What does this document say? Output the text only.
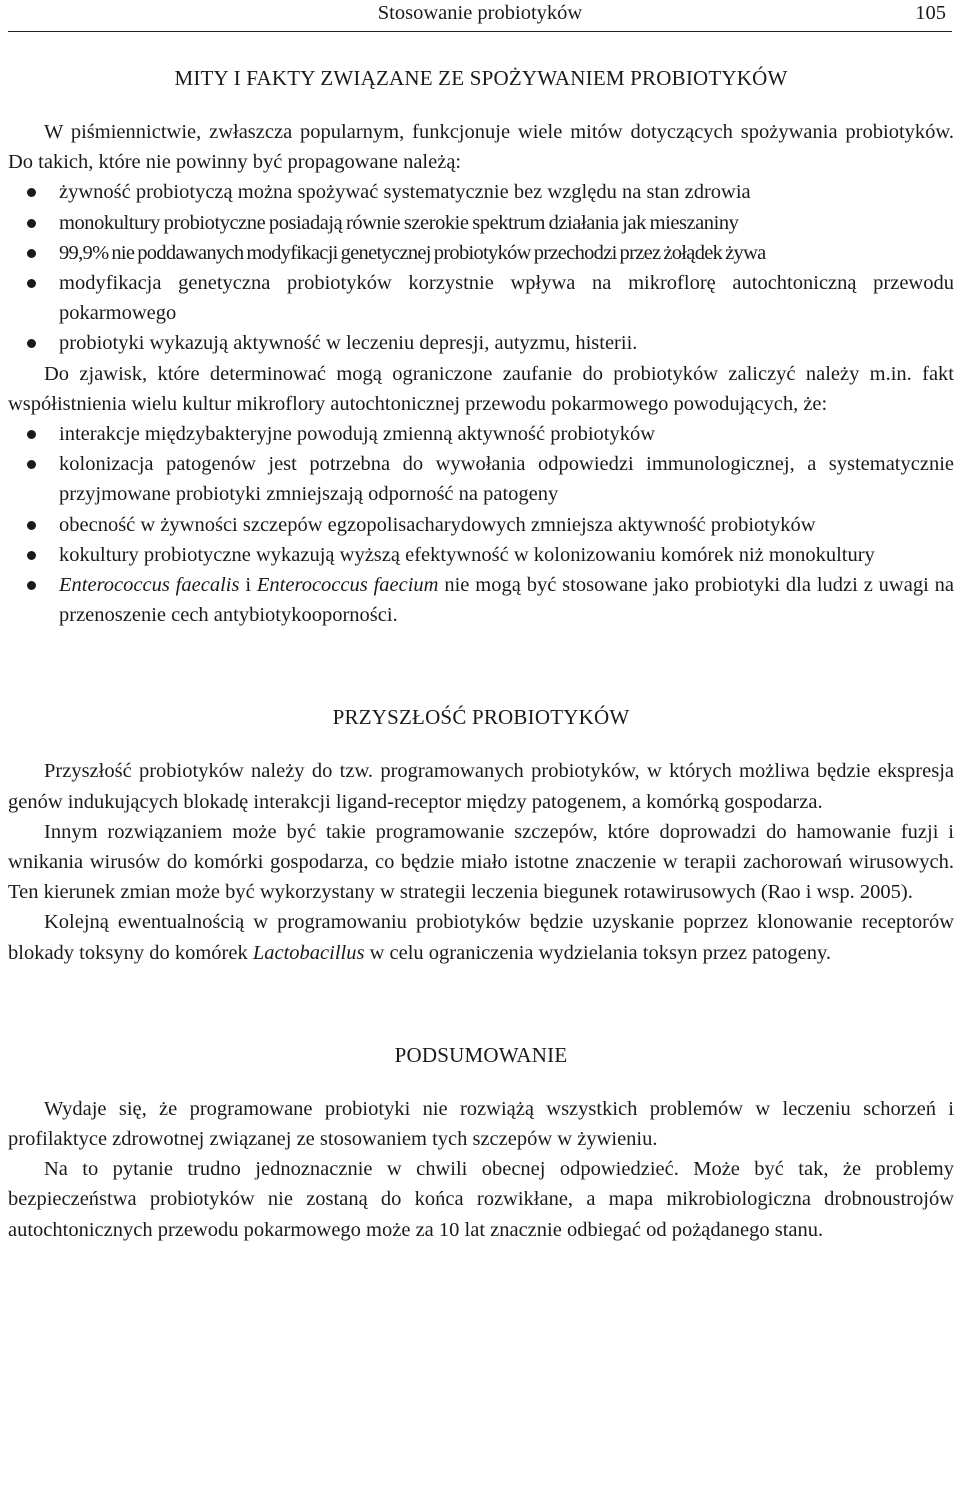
Stosowanie probiotyków	105
MITY I FAKTY ZWIĄZANE ZE SPOŻYWANIEM PROBIOTYKÓW

W piśmiennictwie, zwłaszcza popularnym, funkcjonuje wiele mitów dotyczących spożywania probiotyków. Do takich, które nie powinny być propagowane należą:

żywność probiotyczą można spożywać systematycznie bez względu na stan zdrowia
monokultury probiotyczne posiadają równie szerokie spektrum działania jak mieszaniny
99,9% nie poddawanych modyfikacji genetycznej probiotyków przechodzi przez żołądek żywa
modyfikacja genetyczna probiotyków korzystnie wpływa na mikroflorę autochtoniczną przewodu pokarmowego
probiotyki wykazują aktywność w leczeniu depresji, autyzmu, histerii.

Do zjawisk, które determinować mogą ograniczone zaufanie do probiotyków zaliczyć należy m.in. fakt współistnienia wielu kultur mikroflory autochtonicznej przewodu pokarmowego powodujących, że:

interakcje międzybakteryjne powodują zmienną aktywność probiotyków
kolonizacja patogenów jest potrzebna do wywołania odpowiedzi immunologicznej, a systematycznie przyjmowane probiotyki zmniejszają odporność na patogeny
obecność w żywności szczepów egzopolisacharydowych zmniejsza aktywność probiotyków
kokultury probiotyczne wykazują wyższą efektywność w kolonizowaniu komórek niż monokultury
Enterococcus faecalis i Enterococcus faecium nie mogą być stosowane jako probiotyki dla ludzi z uwagi na przenoszenie cech antybiotykooporności.
PRZYSZŁOŚĆ PROBIOTYKÓW

Przyszłość probiotyków należy do tzw. programowanych probiotyków, w których możliwa będzie ekspresja genów indukujących blokadę interakcji ligand-receptor między patogenem, a komórką gospodarza.

Innym rozwiązaniem może być takie programowanie szczepów, które doprowadzi do hamowanie fuzji i wnikania wirusów do komórki gospodarza, co będzie miało istotne znaczenie w terapii zachorowań wirusowych. Ten kierunek zmian może być wykorzystany w strategii leczenia biegunek rotawirusowych (Rao i wsp. 2005).

Kolejną ewentualnością w programowaniu probiotyków będzie uzyskanie poprzez klonowanie receptorów blokady toksyny do komórek Lactobacillus w celu ograniczenia wydzielania toksyn przez patogeny.

PODSUMOWANIE

Wydaje się, że programowane probiotyki nie rozwiążą wszystkich problemów w leczeniu schorzeń i profilaktyce zdrowotnej związanej ze stosowaniem tych szczepów w żywieniu.

Na to pytanie trudno jednoznacznie w chwili obecnej odpowiedzieć. Może być tak, że problemy bezpieczeństwa probiotyków nie zostaną do końca rozwikłane, a mapa mikrobiologiczna drobnoustrojów autochtonicznych przewodu pokarmowego może za 10 lat znacznie odbiegać od pożądanego stanu.
